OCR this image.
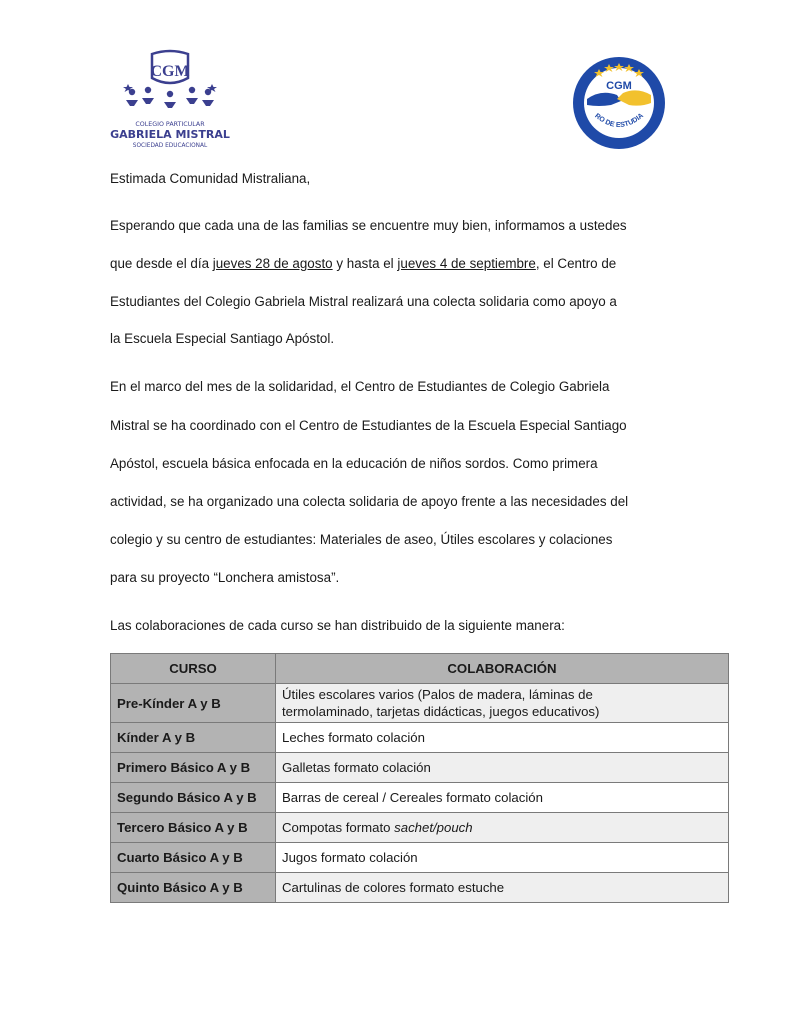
CGM
COLEGIO PARTICULAR
GABRIELA MISTRAL
SOCIEDAD EDUCACIONAL
CGM
RO DE ESTUDIA

Estimada Comunidad Mistraliana,

Esperando que cada una de las familias se encuentre muy bien, informamos a ustedes
que desde el día jueves 28 de agosto y hasta el jueves 4 de septiembre, el Centro de
Estudiantes del Colegio Gabriela Mistral realizará una colecta solidaria como apoyo a
la Escuela Especial Santiago Apóstol.
En el marco del mes de la solidaridad, el Centro de Estudiantes de Colegio Gabriela
Mistral se ha coordinado con el Centro de Estudiantes de la Escuela Especial Santiago
Apóstol, escuela básica enfocada en la educación de niños sordos. Como primera
actividad, se ha organizado una colecta solidaria de apoyo frente a las necesidades del
colegio y su centro de estudiantes: Materiales de aseo, Útiles escolares y colaciones
para su proyecto “Lonchera amistosa”.

Las colaboraciones de cada curso se han distribuido de la siguiente manera:

CURSO	COLABORACIÓN
Pre-Kínder A y B	Útiles escolares varios (Palos de madera, láminas de
termolaminado, tarjetas didácticas, juegos educativos)
Kínder A y B	Leches formato colación
Primero Básico A y B	Galletas formato colación
Segundo Básico A y B	Barras de cereal / Cereales formato colación
Tercero Básico A y B	Compotas formato sachet/pouch
Cuarto Básico A y B	Jugos formato colación
Quinto Básico A y B	Cartulinas de colores formato estuche
